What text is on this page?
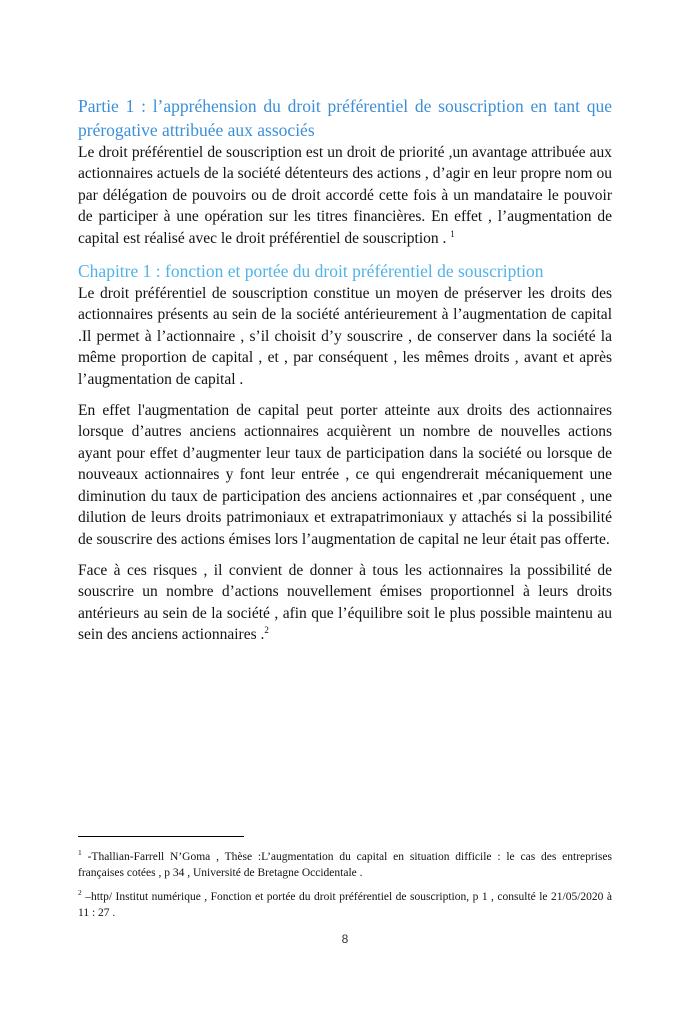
Partie 1 : l’appréhension du droit préférentiel de souscription en tant que prérogative attribuée aux associés

Le droit préférentiel de souscription est un droit de priorité ,un avantage attribuée aux actionnaires actuels de la société détenteurs des actions , d’agir en leur propre nom ou par délégation de pouvoirs ou de droit accordé cette fois à un mandataire le pouvoir de participer à une opération sur les titres financières. En effet , l’augmentation de capital est réalisé avec le droit préférentiel de souscription . $^1$

Chapitre 1 : fonction et portée du droit préférentiel de souscription

Le droit préférentiel de souscription constitue un moyen de préserver les droits des actionnaires présents au sein de la société antérieurement à l’augmentation de capital .Il permet à l’actionnaire , s’il choisit d’y souscrire , de conserver dans la société la même proportion de capital , et , par conséquent , les mêmes droits , avant et après l’augmentation de capital .

En effet l'augmentation de capital peut porter atteinte aux droits des actionnaires lorsque d’autres anciens actionnaires acquièrent un nombre de nouvelles actions ayant pour effet d’augmenter leur taux de participation dans la société ou lorsque de nouveaux actionnaires y font leur entrée , ce qui engendrerait mécaniquement une diminution du taux de participation des anciens actionnaires et ,par conséquent , une dilution de leurs droits patrimoniaux et extrapatrimoniaux y attachés si la possibilité de souscrire des actions émises lors l’augmentation de capital ne leur était pas offerte.

Face à ces risques , il convient de donner à tous les actionnaires la possibilité de souscrire un nombre d’actions nouvellement émises proportionnel à leurs droits antérieurs au sein de la société , afin que l’équilibre soit le plus possible maintenu au sein des anciens actionnaires .$^2$

$^1$ -Thallian-Farrell N’Goma , Thèse :L’augmentation du capital en situation difficile : le cas des entreprises françaises cotées , p 34 , Université de Bretagne Occidentale .

$^2$ –http/ Institut numérique , Fonction et portée du droit préférentiel de souscription, p 1 , consulté le 21/05/2020 à 11 : 27 .

8
